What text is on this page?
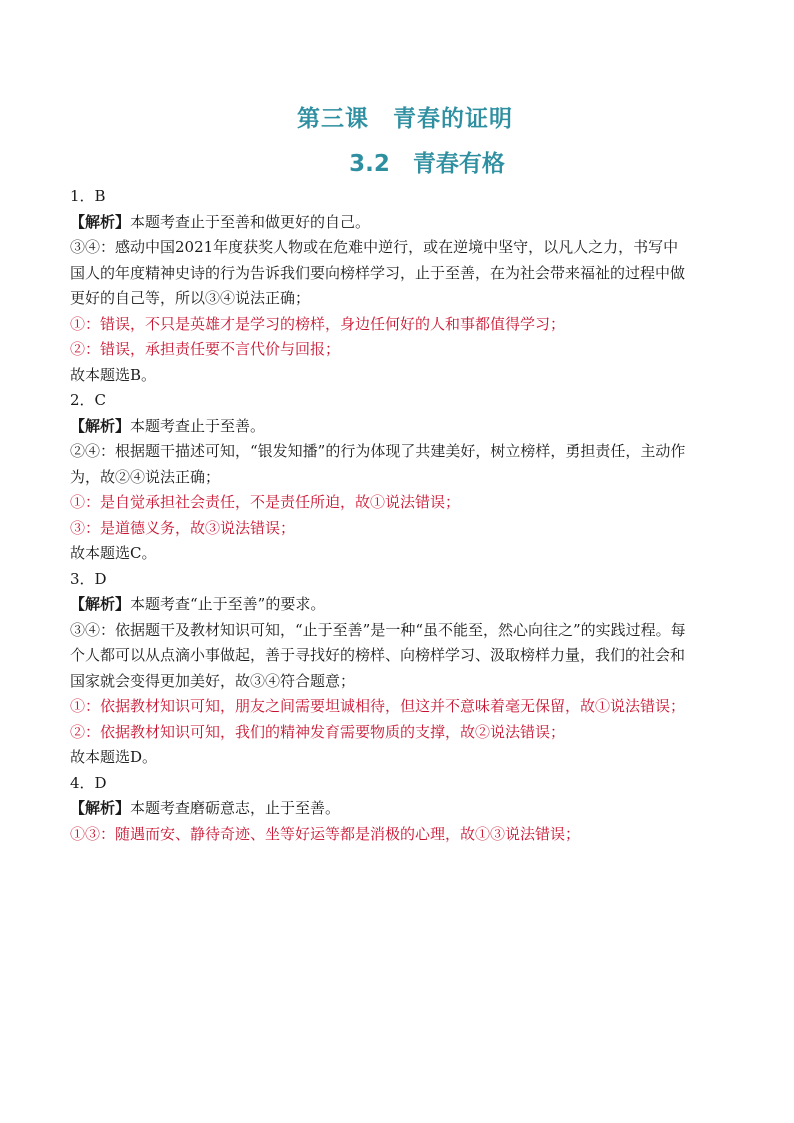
第三课　青春的证明
3.2　青春有格
1．B
【解析】本题考查止于至善和做更好的自己。
③④：感动中国2021年度获奖人物或在危难中逆行，或在逆境中坚守，以凡人之力，书写中
国人的年度精神史诗的行为告诉我们要向榜样学习，止于至善，在为社会带来福祉的过程中做
更好的自己等，所以③④说法正确；
①：错误，不只是英雄才是学习的榜样，身边任何好的人和事都值得学习；
②：错误，承担责任要不言代价与回报；
故本题选B。
2．C
【解析】本题考查止于至善。
②④：根据题干描述可知，“银发知播”的行为体现了共建美好，树立榜样，勇担责任，主动作
为，故②④说法正确；
①：是自觉承担社会责任，不是责任所迫，故①说法错误；
③：是道德义务，故③说法错误；
故本题选C。
3．D
【解析】本题考查“止于至善”的要求。
③④：依据题干及教材知识可知，“止于至善”是一种“虽不能至，然心向往之”的实践过程。每
个人都可以从点滴小事做起，善于寻找好的榜样、向榜样学习、汲取榜样力量，我们的社会和
国家就会变得更加美好，故③④符合题意；
①：依据教材知识可知，朋友之间需要坦诚相待，但这并不意味着毫无保留，故①说法错误；
②：依据教材知识可知，我们的精神发育需要物质的支撑，故②说法错误；
故本题选D。
4．D
【解析】本题考查磨砺意志，止于至善。
①③：随遇而安、静待奇迹、坐等好运等都是消极的心理，故①③说法错误；
